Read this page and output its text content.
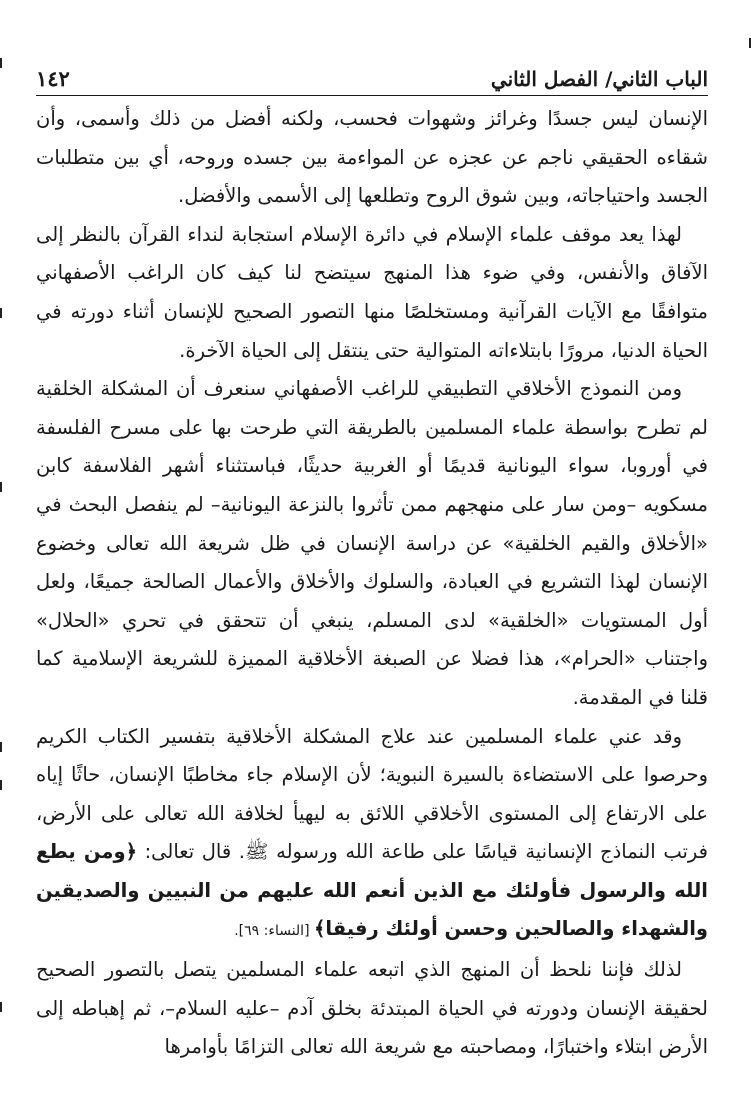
الباب الثاني/ الفصل الثاني
١٤٢

الإنسان ليس جسدًا وغرائز وشهوات فحسب، ولكنه أفضل من ذلك وأسمى، وأن شقاءه الحقيقي ناجم عن عجزه عن المواءمة بين جسده وروحه، أي بين متطلبات الجسد واحتياجاته، وبين شوق الروح وتطلعها إلى الأسمى والأفضل.

لهذا يعد موقف علماء الإسلام في دائرة الإسلام استجابة لنداء القرآن بالنظر إلى الآفاق والأنفس، وفي ضوء هذا المنهج سيتضح لنا كيف كان الراغب الأصفهاني متوافقًا مع الآيات القرآنية ومستخلصًا منها التصور الصحيح للإنسان أثناء دورته في الحياة الدنيا، مرورًا بابتلاءاته المتوالية حتى ينتقل إلى الحياة الآخرة.

ومن النموذج الأخلاقي التطبيقي للراغب الأصفهاني سنعرف أن المشكلة الخلقية لم تطرح بواسطة علماء المسلمين بالطريقة التي طرحت بها على مسرح الفلسفة في أوروبا، سواء اليونانية قديمًا أو الغربية حديثًا، فباستثناء أشهر الفلاسفة كابن مسكويه –ومن سار على منهجهم ممن تأثروا بالنزعة اليونانية– لم ينفصل البحث في «الأخلاق والقيم الخلقية» عن دراسة الإنسان في ظل شريعة الله تعالى وخضوع الإنسان لهذا التشريع في العبادة، والسلوك والأخلاق والأعمال الصالحة جميعًا، ولعل أول المستويات «الخلقية» لدى المسلم، ينبغي أن تتحقق في تحري «الحلال» واجتناب «الحرام»، هذا فضلا عن الصبغة الأخلاقية المميزة للشريعة الإسلامية كما قلنا في المقدمة.

وقد عني علماء المسلمين عند علاج المشكلة الأخلاقية بتفسير الكتاب الكريم وحرصوا على الاستضاءة بالسيرة النبوية؛ لأن الإسلام جاء مخاطبًا الإنسان، حاثًا إياه على الارتفاع إلى المستوى الأخلاقي اللائق به ليهيأ لخلافة الله تعالى على الأرض، فرتب النماذج الإنسانية قياسًا على طاعة الله ورسوله ﷺ. قال تعالى: ﴿ومن يطع الله والرسول فأولئك مع الذين أنعم الله عليهم من النبيين والصديقين والشهداء والصالحين وحسن أولئك رفيقا﴾ [النساء: ٦٩].

لذلك فإننا نلحظ أن المنهج الذي اتبعه علماء المسلمين يتصل بالتصور الصحيح لحقيقة الإنسان ودورته في الحياة المبتدئة بخلق آدم –عليه السلام–، ثم إهباطه إلى الأرض ابتلاء واختبارًا، ومصاحبته مع شريعة الله تعالى التزامًا بأوامرها
